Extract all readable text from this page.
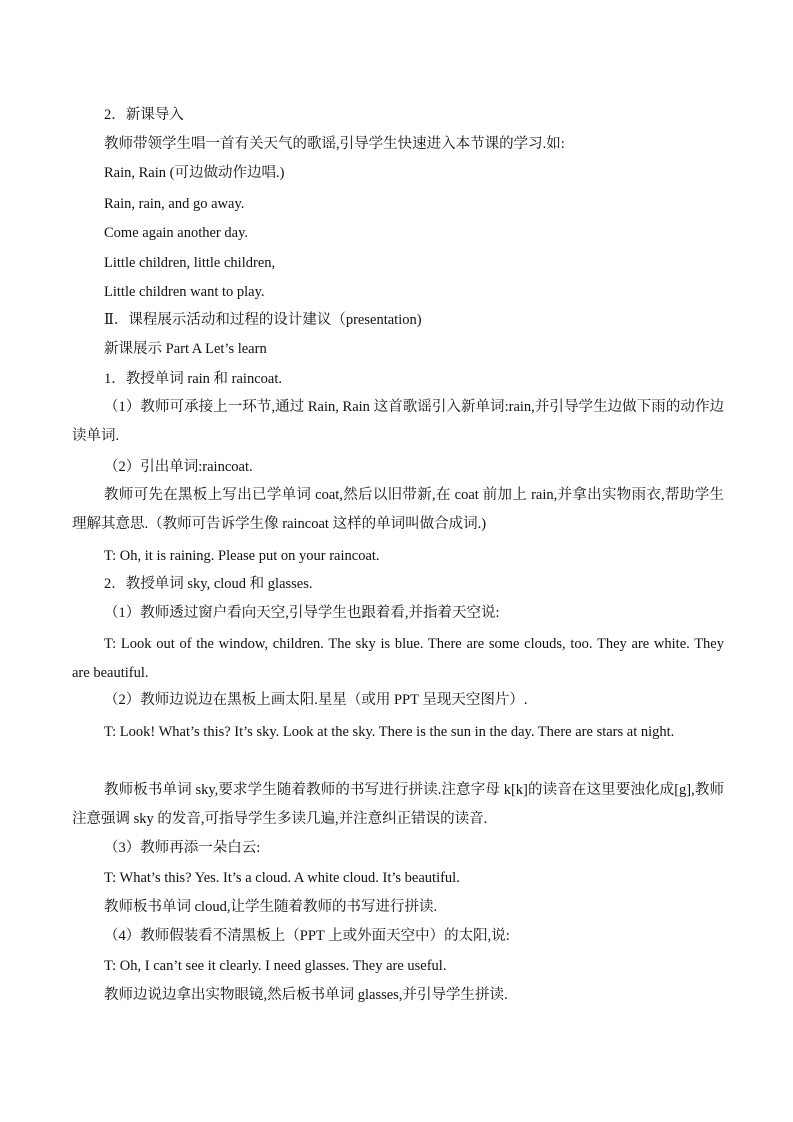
2．新课导入
教师带领学生唱一首有关天气的歌谣,引导学生快速进入本节课的学习.如:
Rain, Rain (可边做动作边唱.)
Rain, rain, and go away.
Come again another day.
Little children, little children,
Little children want to play.
Ⅱ．课程展示活动和过程的设计建议（presentation)
新课展示 Part A Let’s learn
1．教授单词 rain 和 raincoat.
（1）教师可承接上一环节,通过 Rain, Rain 这首歌谣引入新单词:rain,并引导学生边做下雨的动作边读单词.
（2）引出单词:raincoat.
教师可先在黑板上写出已学单词 coat,然后以旧带新,在 coat 前加上 rain,并拿出实物雨衣,帮助学生理解其意思.（教师可告诉学生像 raincoat 这样的单词叫做合成词.)
T: Oh, it is raining. Please put on your raincoat.
2．教授单词 sky, cloud 和 glasses.
（1）教师透过窗户看向天空,引导学生也跟着看,并指着天空说:
T: Look out of the window, children. The sky is blue. There are some clouds, too. They are white. They are beautiful.
（2）教师边说边在黑板上画太阳.星星（或用 PPT 呈现天空图片）.
T: Look! What’s this? It’s sky. Look at the sky. There is the sun in the day. There are stars at night.
教师板书单词 sky,要求学生随着教师的书写进行拼读.注意字母 k[k]的读音在这里要浊化成[g],教师注意强调 sky 的发音,可指导学生多读几遍,并注意纠正错误的读音.
（3）教师再添一朵白云:
T: What’s this? Yes. It’s a cloud. A white cloud. It’s beautiful.
教师板书单词 cloud,让学生随着教师的书写进行拼读.
（4）教师假装看不清黑板上（PPT 上或外面天空中）的太阳,说:
T: Oh, I can’t see it clearly. I need glasses. They are useful.
教师边说边拿出实物眼镜,然后板书单词 glasses,并引导学生拼读.
